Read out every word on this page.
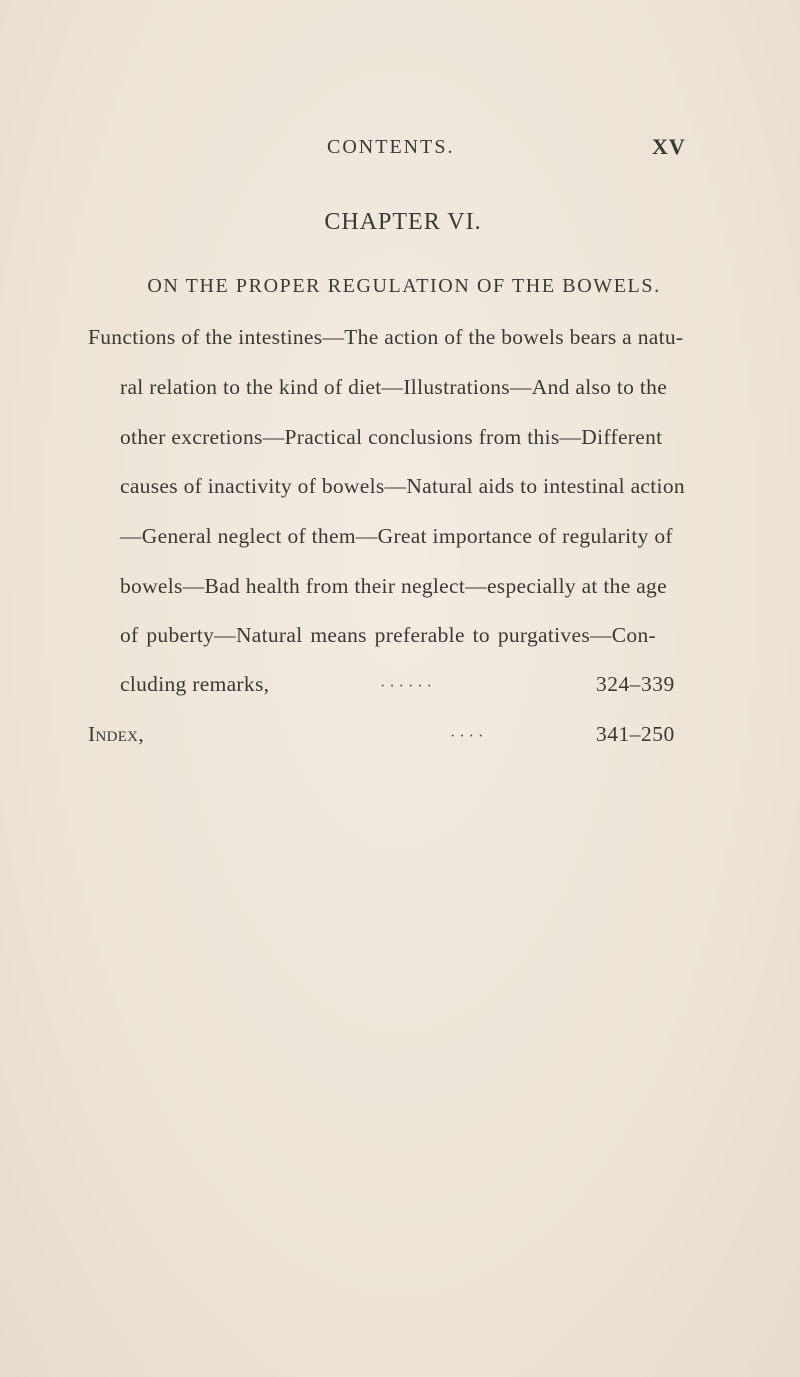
CONTENTS.	XV
CHAPTER VI.
ON THE PROPER REGULATION OF THE BOWELS.
Functions of the intestines—The action of the bowels bears a natu-
ral relation to the kind of diet—Illustrations—And also to the
other excretions—Practical conclusions from this—Different
causes of inactivity of bowels—Natural aids to intestinal action
—General neglect of them—Great importance of regularity of
bowels—Bad health from their neglect—especially at the age
of puberty—Natural means preferable to purgatives—Con-
cluding remarks,	· · · · · ·	324–339
Index,	· · · ·	341–250
